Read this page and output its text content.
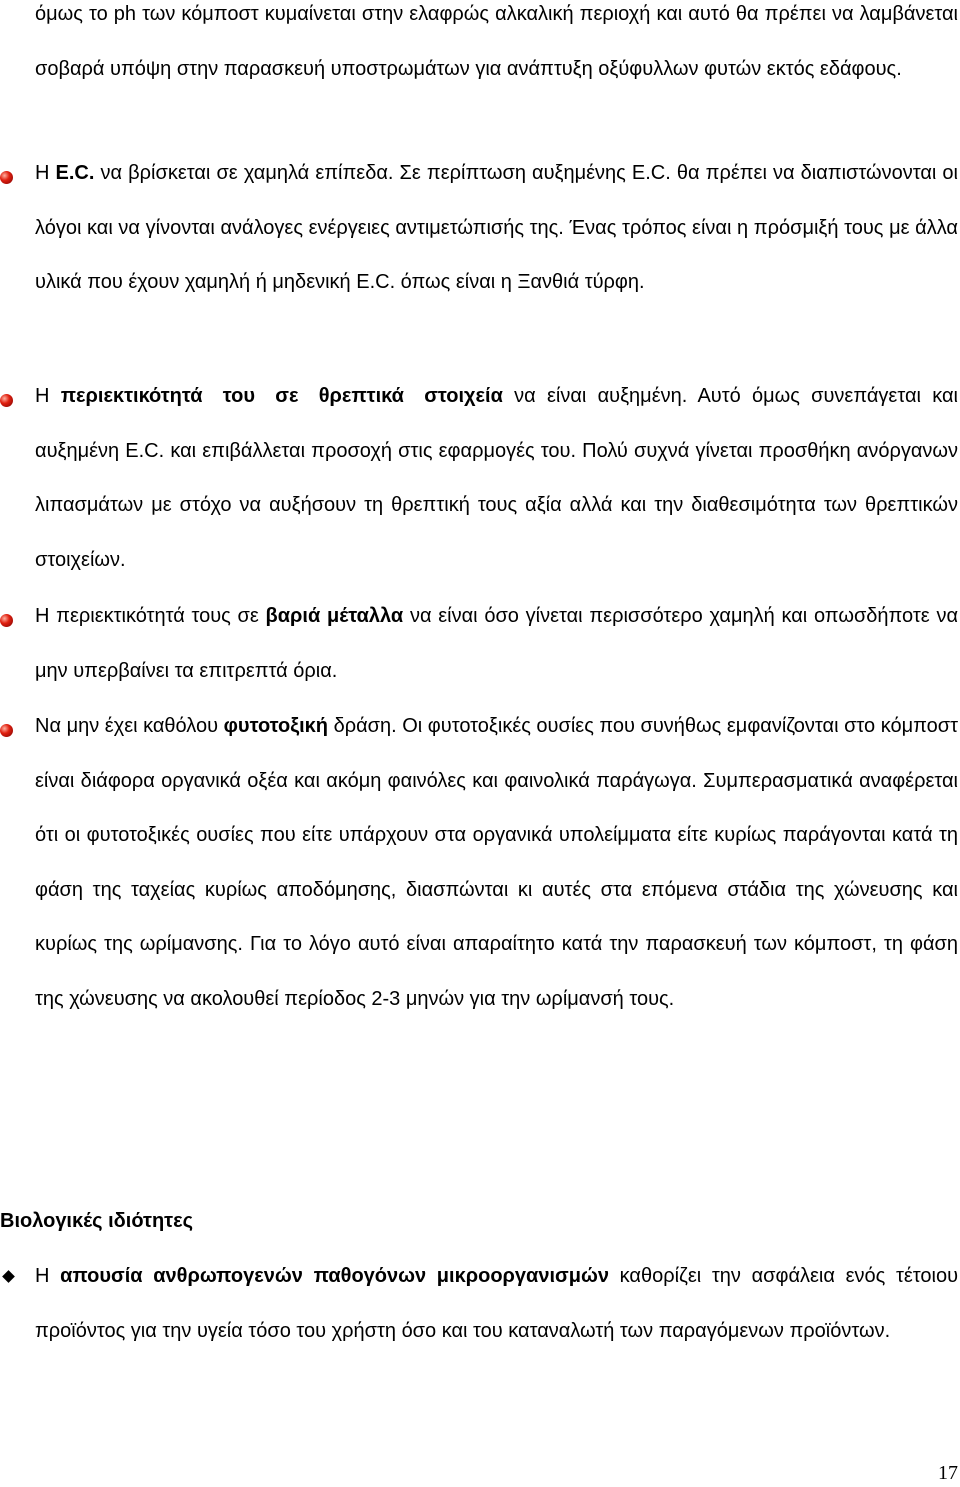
όμως το ph των κόμποστ κυμαίνεται στην ελαφρώς αλκαλική περιοχή και αυτό θα πρέπει να λαμβάνεται σοβαρά υπόψη στην παρασκευή υποστρωμάτων για ανάπτυξη οξύφυλλων φυτών εκτός εδάφους.

Η E.C. να βρίσκεται σε χαμηλά επίπεδα. Σε περίπτωση αυξημένης E.C. θα πρέπει να διαπιστώνονται οι λόγοι και να γίνονται ανάλογες ενέργειες αντιμετώπισής της. Ένας τρόπος είναι η πρόσμιξή τους με άλλα υλικά που έχουν χαμηλή ή μηδενική E.C. όπως είναι η Ξανθιά τύρφη.

Η περιεκτικότητά του σε θρεπτικά στοιχεία να είναι αυξημένη. Αυτό όμως συνεπάγεται και αυξημένη E.C. και επιβάλλεται προσοχή στις εφαρμογές του. Πολύ συχνά γίνεται προσθήκη ανόργανων λιπασμάτων με στόχο να αυξήσουν τη θρεπτική τους αξία αλλά και την διαθεσιμότητα των θρεπτικών στοιχείων.

Η περιεκτικότητά τους σε βαριά μέταλλα να είναι όσο γίνεται περισσότερο χαμηλή και οπωσδήποτε να μην υπερβαίνει τα επιτρεπτά όρια.

Να μην έχει καθόλου φυτοτοξική δράση. Οι φυτοτοξικές ουσίες που συνήθως εμφανίζονται στο κόμποστ είναι διάφορα οργανικά οξέα και ακόμη φαινόλες και φαινολικά παράγωγα. Συμπερασματικά αναφέρεται ότι οι φυτοτοξικές ουσίες που είτε υπάρχουν στα οργανικά υπολείμματα είτε κυρίως παράγονται κατά τη φάση της ταχείας κυρίως αποδόμησης, διασπώνται κι αυτές στα επόμενα στάδια της χώνευσης και κυρίως της ωρίμανσης. Για το λόγο αυτό είναι απαραίτητο κατά την παρασκευή των κόμποστ, τη φάση της χώνευσης να ακολουθεί περίοδος 2-3 μηνών για την ωρίμανσή τους.

Βιολογικές ιδιότητες

Η απουσία ανθρωπογενών παθογόνων μικροοργανισμών καθορίζει την ασφάλεια ενός τέτοιου προϊόντος για την υγεία τόσο του χρήστη όσο και του καταναλωτή των παραγόμενων προϊόντων.

17
